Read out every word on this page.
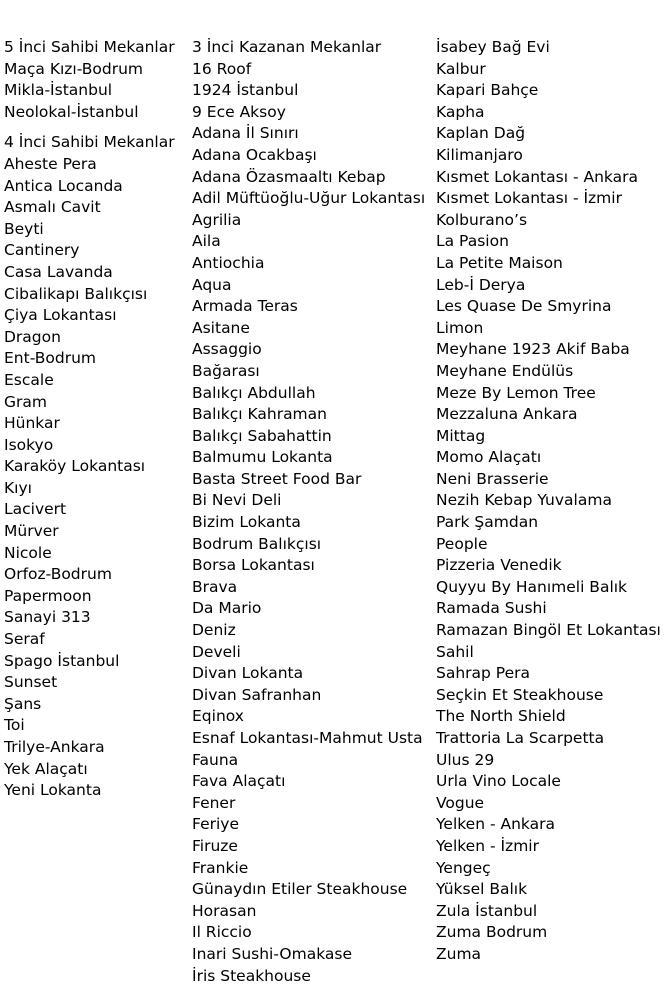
5 İnci Sahibi Mekanlar
Maça Kızı-Bodrum
Mikla-İstanbul
Neolokal-İstanbul
4 İnci Sahibi Mekanlar
Aheste Pera
Antica Locanda
Asmalı Cavit
Beyti
Cantinery
Casa Lavanda
Cibalikapı Balıkçısı
Çiya Lokantası
Dragon
Ent-Bodrum
Escale
Gram
Hünkar
Isokyo
Karaköy Lokantası
Kıyı
Lacivert
Mürver
Nicole
Orfoz-Bodrum
Papermoon
Sanayi 313
Seraf
Spago İstanbul
Sunset
Şans
Toi
Trilye-Ankara
Yek Alaçatı
Yeni Lokanta
3 İnci Kazanan Mekanlar
16 Roof
1924 İstanbul
9 Ece Aksoy
Adana İl Sınırı
Adana Ocakbaşı
Adana Özasmaaltı Kebap
Adil Müftüoğlu-Uğur Lokantası
Agrilia
Aila
Antiochia
Aqua
Armada Teras
Asitane
Assaggio
Bağarası
Balıkçı Abdullah
Balıkçı Kahraman
Balıkçı Sabahattin
Balmumu Lokanta
Basta Street Food Bar
Bi Nevi Deli
Bizim Lokanta
Bodrum Balıkçısı
Borsa Lokantası
Brava
Da Mario
Deniz
Develi
Divan Lokanta
Divan Safranhan
Eqinox
Esnaf Lokantası-Mahmut Usta
Fauna
Fava Alaçatı
Fener
Feriye
Firuze
Frankie
Günaydın Etiler Steakhouse
Horasan
Il Riccio
Inari Sushi-Omakase
İris Steakhouse
İsabey Bağ Evi
Kalbur
Kapari Bahçe
Kapha
Kaplan Dağ
Kilimanjaro
Kısmet Lokantası - Ankara
Kısmet Lokantası - İzmir
Kolburano’s
La Pasion
La Petite Maison
Leb-İ Derya
Les Quase De Smyrina
Limon
Meyhane 1923 Akif Baba
Meyhane Endülüs
Meze By Lemon Tree
Mezzaluna Ankara
Mittag
Momo Alaçatı
Neni Brasserie
Nezih Kebap Yuvalama
Park Şamdan
People
Pizzeria Venedik
Quyyu By Hanımeli Balık
Ramada Sushi
Ramazan Bingöl Et Lokantası
Sahil
Sahrap Pera
Seçkin Et Steakhouse
The North Shield
Trattoria La Scarpetta
Ulus 29
Urla Vino Locale
Vogue
Yelken - Ankara
Yelken - İzmir
Yengeç
Yüksel Balık
Zula İstanbul
Zuma Bodrum
Zuma
